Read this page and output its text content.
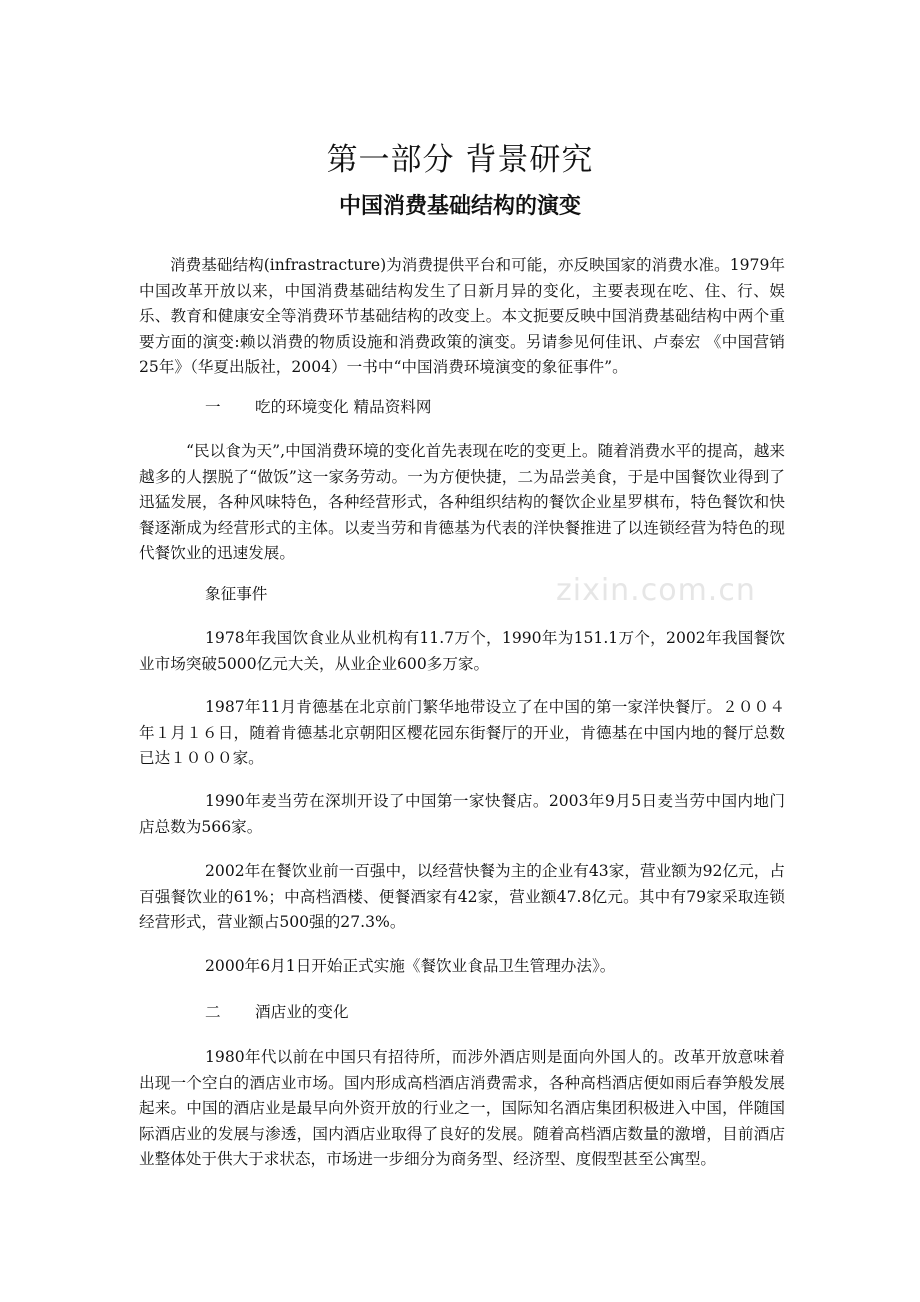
zixin.com.cn
第一部分 背景研究
中国消费基础结构的演变

消费基础结构(infrastracture)为消费提供平台和可能，亦反映国家的消费水准。1979年中国改革开放以来，中国消费基础结构发生了日新月异的变化，主要表现在吃、住、行、娱乐、教育和健康安全等消费环节基础结构的改变上。本文扼要反映中国消费基础结构中两个重要方面的演变:赖以消费的物质设施和消费政策的演变。另请参见何佳讯、卢泰宏 《中国营销25年》（华夏出版社，2004）一书中“中国消费环境演变的象征事件”。

一 吃的环境变化 精品资料网

“民以食为天”,中国消费环境的变化首先表现在吃的变更上。随着消费水平的提高，越来越多的人摆脱了“做饭”这一家务劳动。一为方便快捷，二为品尝美食，于是中国餐饮业得到了迅猛发展，各种风味特色，各种经营形式，各种组织结构的餐饮企业星罗棋布，特色餐饮和快餐逐渐成为经营形式的主体。以麦当劳和肯德基为代表的洋快餐推进了以连锁经营为特色的现代餐饮业的迅速发展。

象征事件

1978年我国饮食业从业机构有11.7万个，1990年为151.1万个，2002年我国餐饮业市场突破5000亿元大关，从业企业600多万家。

1987年11月肯德基在北京前门繁华地带设立了在中国的第一家洋快餐厅。２００４年１月１６日，随着肯德基北京朝阳区樱花园东街餐厅的开业，肯德基在中国内地的餐厅总数已达１０００家。

1990年麦当劳在深圳开设了中国第一家快餐店。2003年9月5日麦当劳中国内地门店总数为566家。

2002年在餐饮业前一百强中，以经营快餐为主的企业有43家，营业额为92亿元，占百强餐饮业的61%；中高档酒楼、便餐酒家有42家，营业额47.8亿元。其中有79家采取连锁经营形式，营业额占500强的27.3%。

2000年6月1日开始正式实施《餐饮业食品卫生管理办法》。

二 酒店业的变化

1980年代以前在中国只有招待所，而涉外酒店则是面向外国人的。改革开放意味着出现一个空白的酒店业市场。国内形成高档酒店消费需求，各种高档酒店便如雨后春笋般发展起来。中国的酒店业是最早向外资开放的行业之一，国际知名酒店集团积极进入中国，伴随国际酒店业的发展与渗透，国内酒店业取得了良好的发展。随着高档酒店数量的激增，目前酒店业整体处于供大于求状态，市场进一步细分为商务型、经济型、度假型甚至公寓型。
